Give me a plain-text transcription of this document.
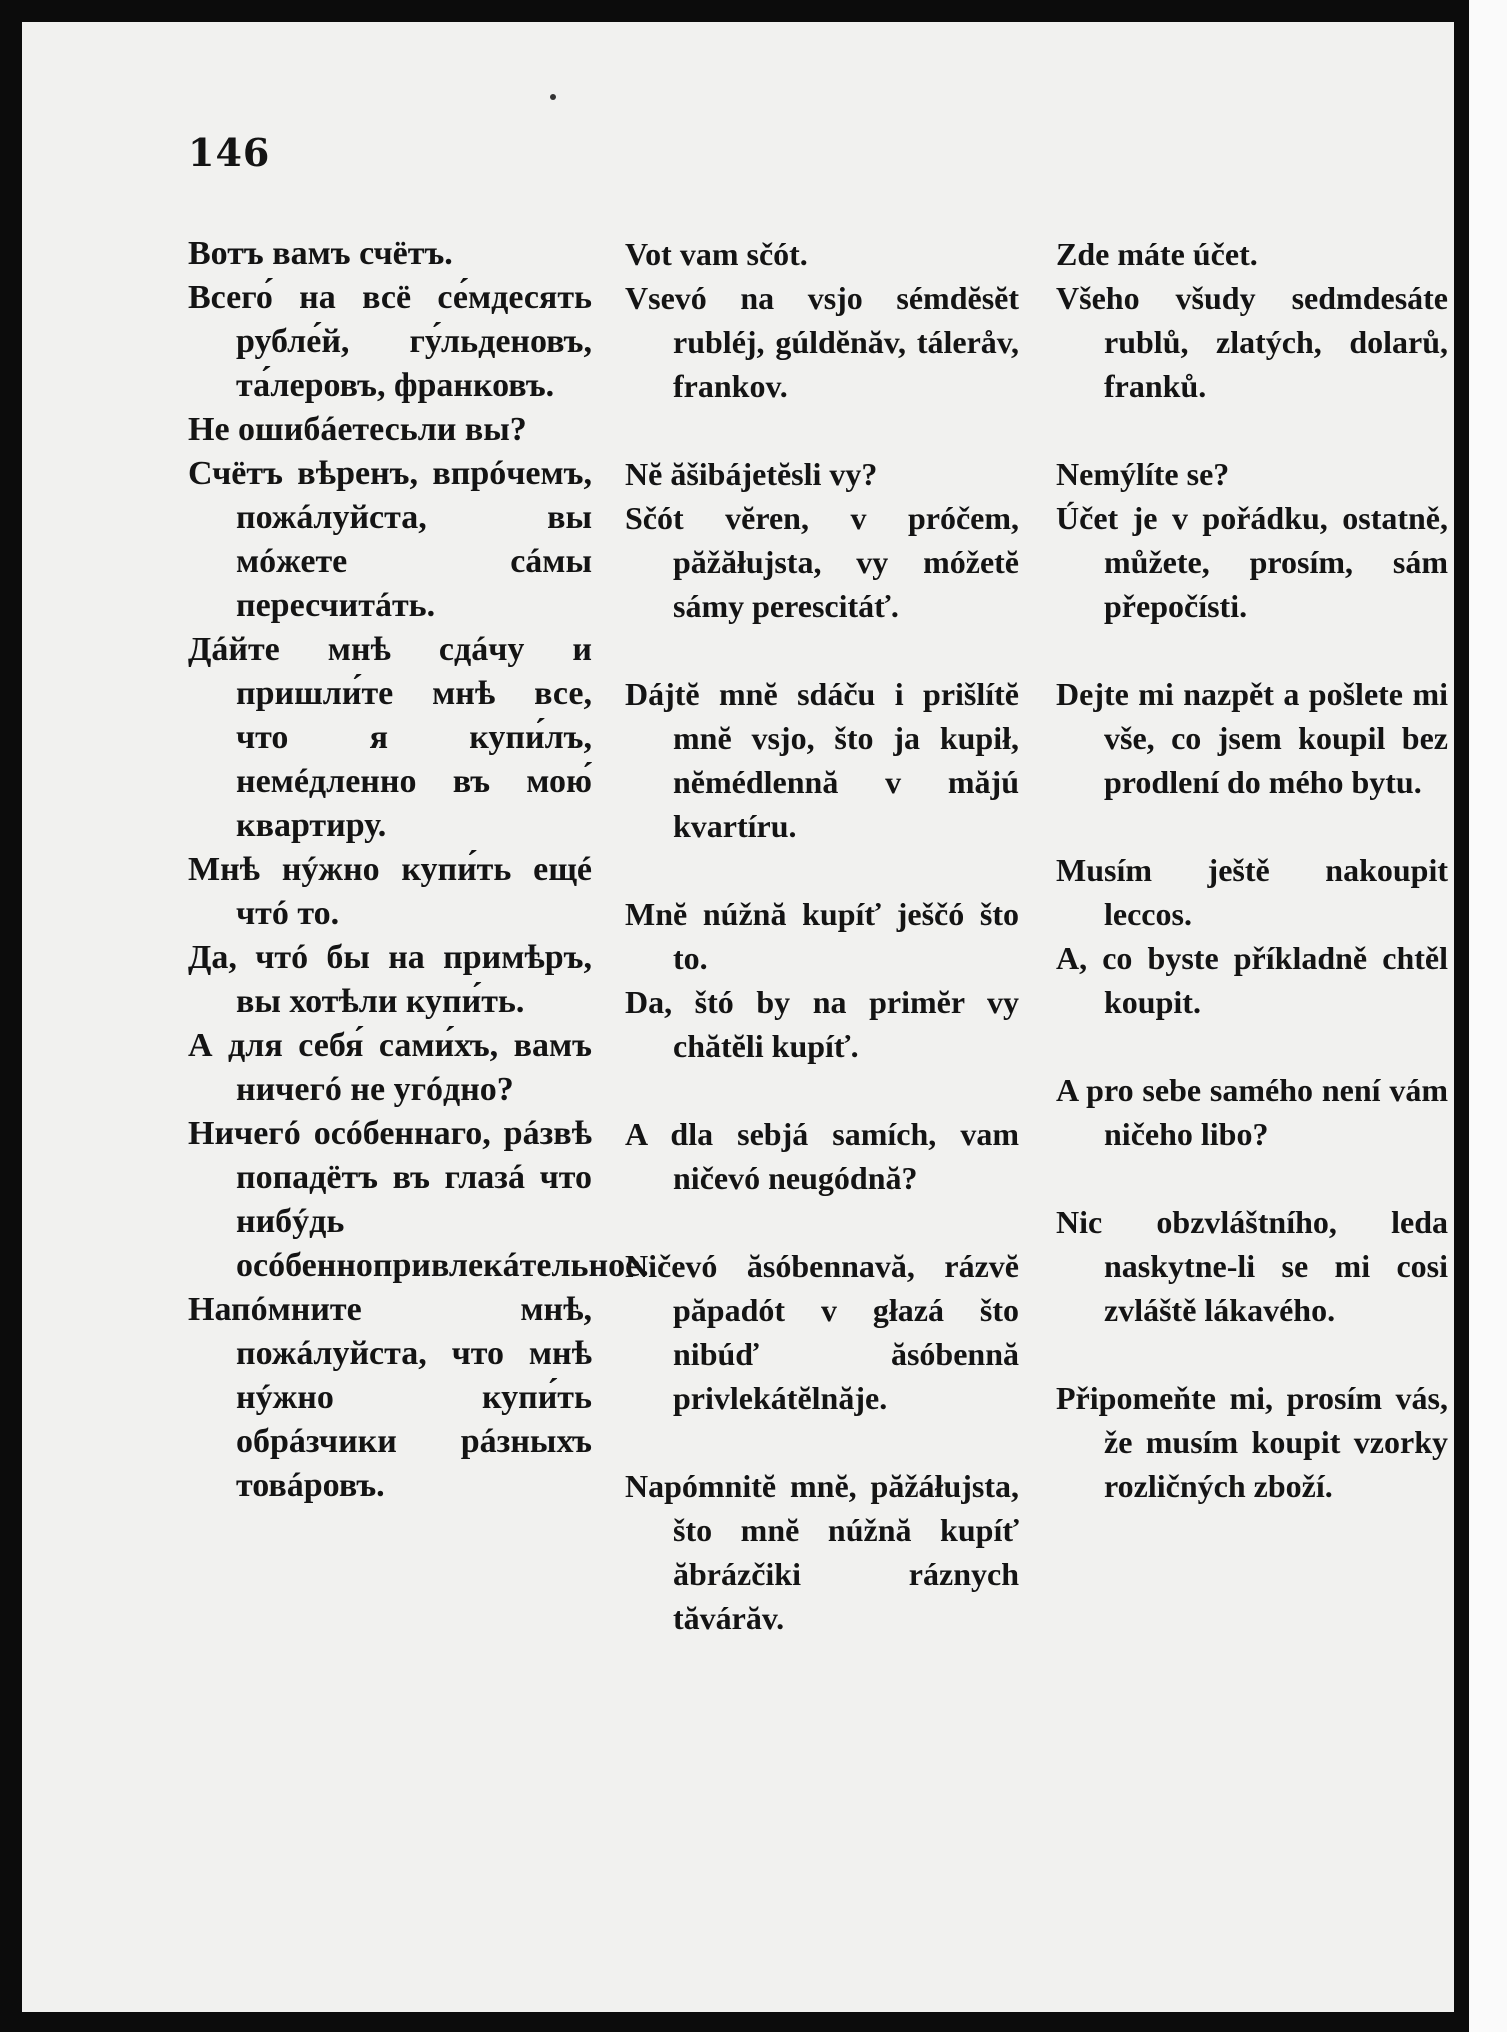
146
Вотъ вамъ счётъ.
Всего́ на всё се́мдесять рубле́й, гу́льденовъ, та́леровъ, франковъ.
Не ошибáетесьли вы?
Счётъ вѣренъ, впрóчемъ, пожáлуйста, вы мóжете сáмы пересчитáть.
Дáйте мнѣ сдáчу и пришли́те мнѣ все, что я купи́лъ, немéдленно въ мою́ квартиру.
Мнѣ нýжно купи́ть ещé чтó то.
Да, чтó бы на примѣръ, вы хотѣли купи́ть.
А для себя́ сами́хъ, вамъ ничегó не угóдно?
Ничегó осóбеннаго, рáзвѣ попадётъ въ глазá что нибýдь осóбеннопривлекáтельное.
Напóмните мнѣ, пожáлуйста, что мнѣ нýжно купи́ть обрáзчики рáзныхъ товáровъ.
Vot vam sčót.
Vsevó na vsjo sémdĕsĕt rubléj, gúldĕnăv, táleråv, frankov.
Nĕ ăšibájetĕsli vy?
Sčót vĕren, v próčem, păžăłujsta, vy móžetĕ sámy perescitáť.
Dájtĕ mnĕ sdáču i prišlítĕ mnĕ vsjo, što ja kupił, nĕmédlennă v măjú kvartíru.
Mnĕ núžnă kupíť ješčó što to.
Da, štó by na primĕr vy chătĕli kupíť.
A dla sebjá samích, vam ničevó neugódnă?
Ničevó ăsóbennavă, rázvĕ păpadót v głazá što nibúď ăsóbennă privlekátĕlnăje.
Napómnitĕ mnĕ, păžáłujsta, što mnĕ núžnă kupíť ăbrázčiki ráznych tăvárăv.
Zde máte účet.
Všeho všudy sedmdesáte rublů, zlatých, dolarů, franků.
Nemýlíte se?
Účet je v pořádku, ostatně, můžete, prosím, sám přepočísti.
Dejte mi nazpět a pošlete mi vše, co jsem koupil bez prodlení do mého bytu.
Musím ještě nakoupit leccos.
A, co byste příkladně chtěl koupit.
A pro sebe samého není vám ničeho libo?
Nic obzvláštního, leda naskytne-li se mi cosi zvláště lákavého.
Připomeňte mi, prosím vás, že musím koupit vzorky rozličných zboží.
